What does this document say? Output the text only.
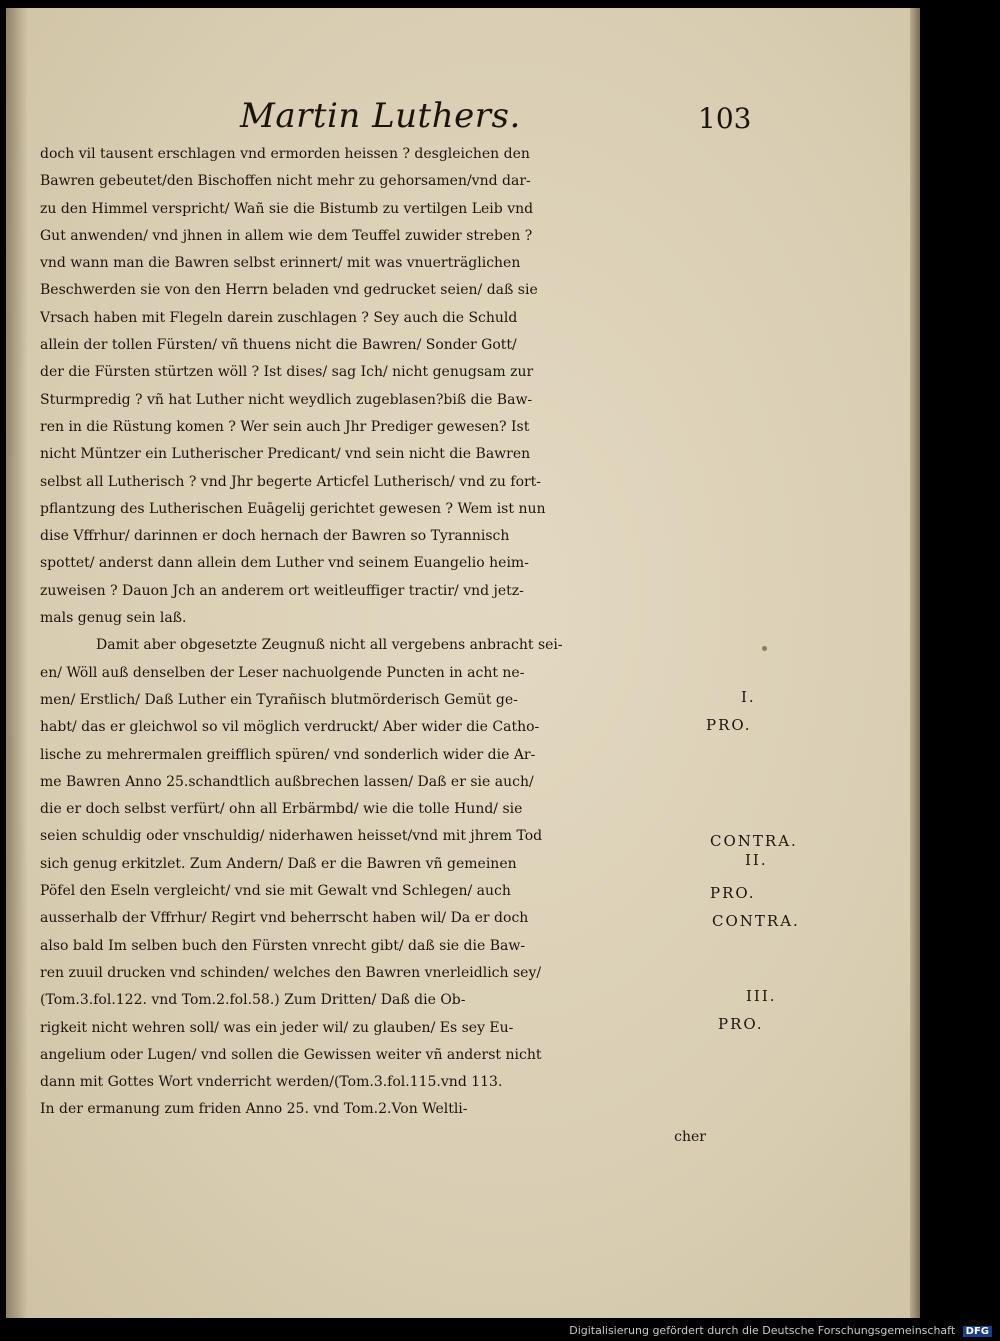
Martin Luthers.	103
doch vil tausent erschlagen vnd ermorden heissen ? desgleichen den
Bawren gebeutet/den Bischoffen nicht mehr zu gehorsamen/vnd dar-
zu den Himmel verspricht/ Wañ sie die Bistumb zu vertilgen Leib vnd
Gut anwenden/ vnd jhnen in allem wie dem Teuffel zuwider streben ?
vnd wann man die Bawren selbst erinnert/ mit was vnuerträglichen
Beschwerden sie von den Herrn beladen vnd gedrucket seien/ daß sie
Vrsach haben mit Flegeln darein zuschlagen ? Sey auch die Schuld
allein der tollen Fürsten/ vñ thuens nicht die Bawren/ Sonder Gott/
der die Fürsten stürtzen wöll ? Ist dises/ sag Ich/ nicht genugsam zur
Sturmpredig ? vñ hat Luther nicht weydlich zugeblasen?biß die Baw-
ren in die Rüstung komen ? Wer sein auch Jhr Prediger gewesen? Ist
nicht Müntzer ein Lutherischer Predicant/ vnd sein nicht die Bawren
selbst all Lutherisch ? vnd Jhr begerte Articfel Lutherisch/ vnd zu fort-
pflantzung des Lutherischen Euāgelij gerichtet gewesen ? Wem ist nun
dise Vffrhur/ darinnen er doch hernach der Bawren so Tyrannisch
spottet/ anderst dann allein dem Luther vnd seinem Euangelio heim-
zuweisen ? Dauon Jch an anderem ort weitleuffiger tractir/ vnd jetz-
mals genug sein laß.
Damit aber obgesetzte Zeugnuß nicht all vergebens anbracht sei-
en/ Wöll auß denselben der Leser nachuolgende Puncten in acht ne-
men/ Erstlich/ Daß Luther ein Tyrañisch blutmörderisch Gemüt ge-
habt/ das er gleichwol so vil möglich verdruckt/ Aber wider die Catho-
lische zu mehrermalen greifflich spüren/ vnd sonderlich wider die Ar-
me Bawren Anno 25.schandtlich außbrechen lassen/ Daß er sie auch/
die er doch selbst verfürt/ ohn all Erbärmbd/ wie die tolle Hund/ sie
seien schuldig oder vnschuldig/ niderhawen heisset/vnd mit jhrem Tod
sich genug erkitzlet. Zum Andern/ Daß er die Bawren vñ gemeinen
Pöfel den Eseln vergleicht/ vnd sie mit Gewalt vnd Schlegen/ auch
ausserhalb der Vffrhur/ Regirt vnd beherrscht haben wil/ Da er doch
also bald Im selben buch den Fürsten vnrecht gibt/ daß sie die Baw-
ren zuuil drucken vnd schinden/ welches den Bawren vnerleidlich sey/
(Tom.3.fol.122. vnd Tom.2.fol.58.) Zum Dritten/ Daß die Ob-
rigkeit nicht wehren soll/ was ein jeder wil/ zu glauben/ Es sey Eu-
angelium oder Lugen/ vnd sollen die Gewissen weiter vñ anderst nicht
dann mit Gottes Wort vnderricht werden/(Tom.3.fol.115.vnd 113.
In der ermanung zum friden Anno 25. vnd Tom.2.Von Weltli-
cher
I.
PRO.
CONTRA.
II.
PRO.
CONTRA.
III.
PRO.
Digitalisierung gefördert durch die Deutsche Forschungsgemeinschaft DFG
